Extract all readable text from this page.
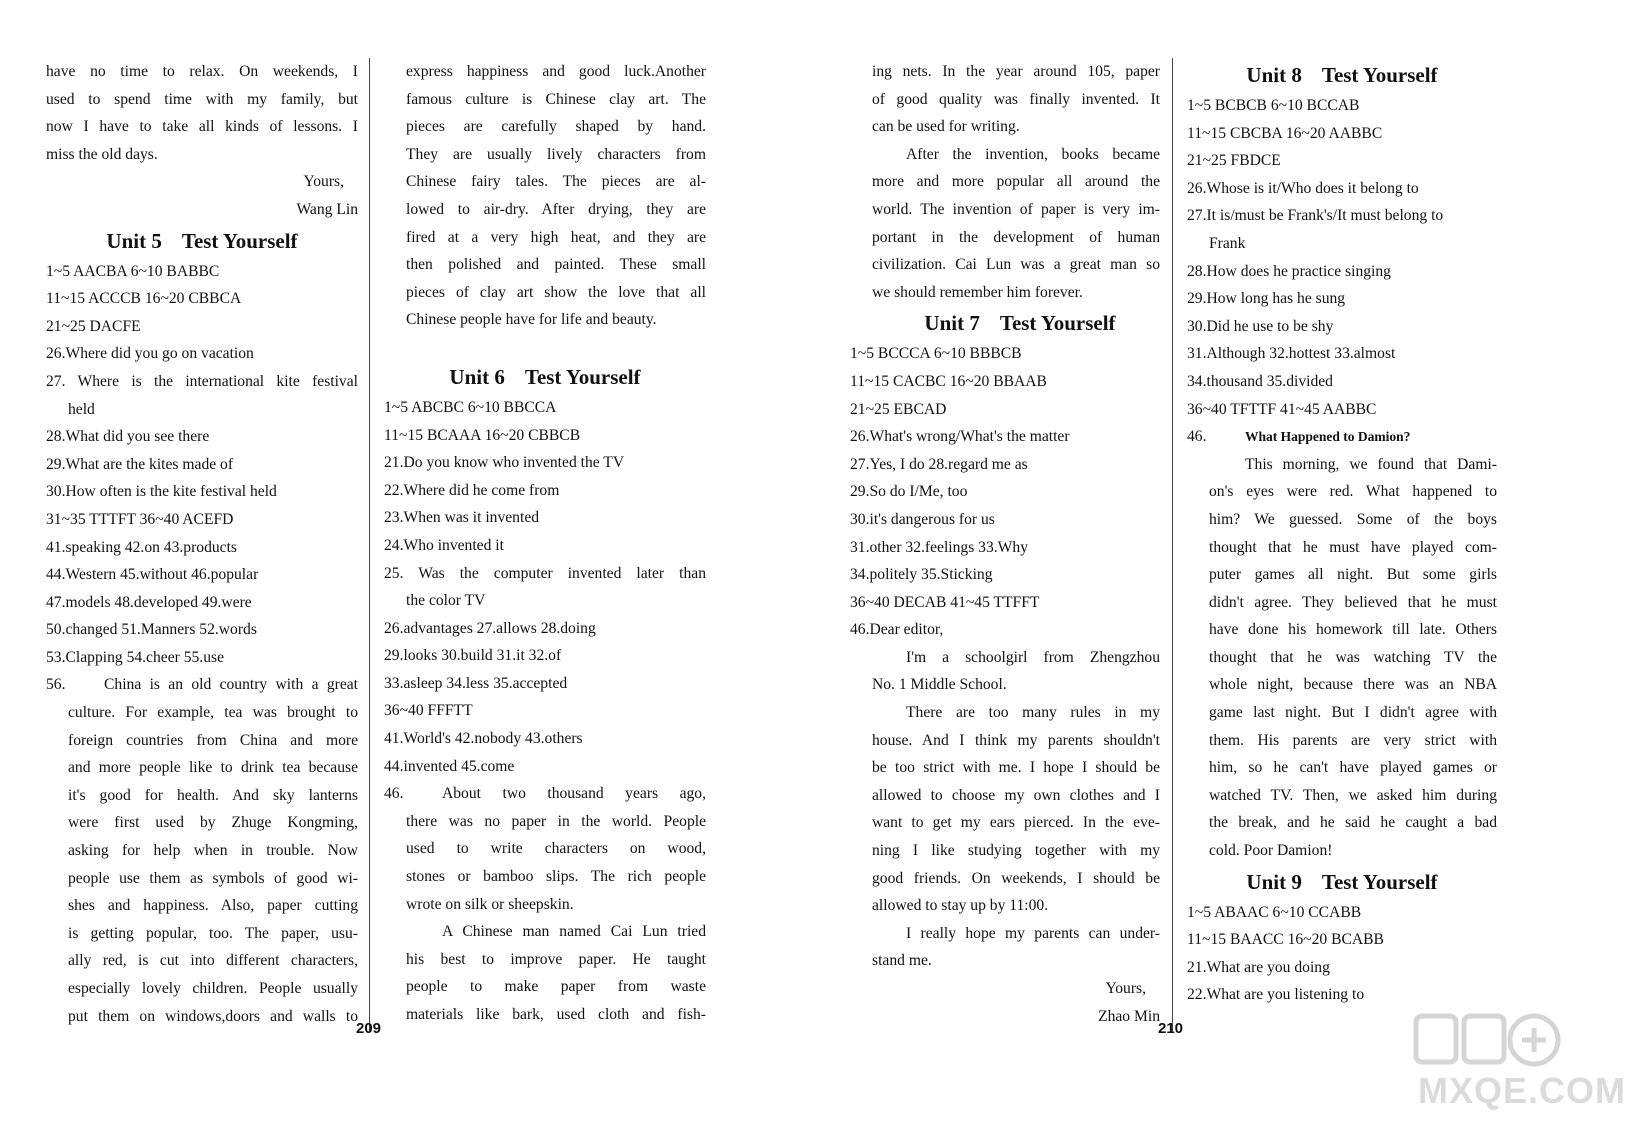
have no time to relax. On weekends, I
used to spend time with my family, but
now I have to take all kinds of lessons. I
miss the old days.
Yours,
Wang Lin
Unit 5 Test Yourself
1~5 AACBA 6~10 BABBC
11~15 ACCCB 16~20 CBBCA
21~25 DACFE
26.Where did you go on vacation
27. Where is the international kite festival
held
28.What did you see there
29.What are the kites made of
30.How often is the kite festival held
31~35 TTTFT 36~40 ACEFD
41.speaking 42.on 43.products
44.Western 45.without 46.popular
47.models 48.developed 49.were
50.changed 51.Manners 52.words
53.Clapping 54.cheer 55.use
56.	China is an old country with a great
culture. For example, tea was brought to
foreign countries from China and more
and more people like to drink tea because
it's good for health. And sky lanterns
were first used by Zhuge Kongming,
asking for help when in trouble. Now
people use them as symbols of good wi-
shes and happiness. Also, paper cutting
is getting popular, too. The paper, usu-
ally red, is cut into different characters,
especially lovely children. People usually
put them on windows,doors and walls to
express happiness and good luck.Another
famous culture is Chinese clay art. The
pieces are carefully shaped by hand.
They are usually lively characters from
Chinese fairy tales. The pieces are al-
lowed to air-dry. After drying, they are
fired at a very high heat, and they are
then polished and painted. These small
pieces of clay art show the love that all
Chinese people have for life and beauty.
Unit 6 Test Yourself
1~5 ABCBC 6~10 BBCCA
11~15 BCAAA 16~20 CBBCB
21.Do you know who invented the TV
22.Where did he come from
23.When was it invented
24.Who invented it
25. Was the computer invented later than
the color TV
26.advantages 27.allows 28.doing
29.looks 30.build 31.it 32.of
33.asleep 34.less 35.accepted
36~40 FFFTT
41.World's 42.nobody 43.others
44.invented 45.come
46.	About two thousand years ago,
there was no paper in the world. People
used to write characters on wood,
stones or bamboo slips. The rich people
wrote on silk or sheepskin.
A Chinese man named Cai Lun tried
his best to improve paper. He taught
people to make paper from waste
materials like bark, used cloth and fish-
209
ing nets. In the year around 105, paper
of good quality was finally invented. It
can be used for writing.
After the invention, books became
more and more popular all around the
world. The invention of paper is very im-
portant in the development of human
civilization. Cai Lun was a great man so
we should remember him forever.
Unit 7 Test Yourself
1~5 BCCCA 6~10 BBBCB
11~15 CACBC 16~20 BBAAB
21~25 EBCAD
26.What's wrong/What's the matter
27.Yes, I do 28.regard me as
29.So do I/Me, too
30.it's dangerous for us
31.other 32.feelings 33.Why
34.politely 35.Sticking
36~40 DECAB 41~45 TTFFT
46.Dear editor,
I'm a schoolgirl from Zhengzhou
No. 1 Middle School.
There are too many rules in my
house. And I think my parents shouldn't
be too strict with me. I hope I should be
allowed to choose my own clothes and I
want to get my ears pierced. In the eve-
ning I like studying together with my
good friends. On weekends, I should be
allowed to stay up by 11:00.
I really hope my parents can under-
stand me.
Yours,
Zhao Min
Unit 8 Test Yourself
1~5 BCBCB 6~10 BCCAB
11~15 CBCBA 16~20 AABBC
21~25 FBDCE
26.Whose is it/Who does it belong to
27.It is/must be Frank's/It must belong to
Frank
28.How does he practice singing
29.How long has he sung
30.Did he use to be shy
31.Although 32.hottest 33.almost
34.thousand 35.divided
36~40 TFTTF 41~45 AABBC
46.	What Happened to Damion?
This morning, we found that Dami-
on's eyes were red. What happened to
him? We guessed. Some of the boys
thought that he must have played com-
puter games all night. But some girls
didn't agree. They believed that he must
have done his homework till late. Others
thought that he was watching TV the
whole night, because there was an NBA
game last night. But I didn't agree with
them. His parents are very strict with
him, so he can't have played games or
watched TV. Then, we asked him during
the break, and he said he caught a bad
cold. Poor Damion!
Unit 9 Test Yourself
1~5 ABAAC 6~10 CCABB
11~15 BAACC 16~20 BCABB
21.What are you doing
22.What are you listening to
210
MXQE.COM
